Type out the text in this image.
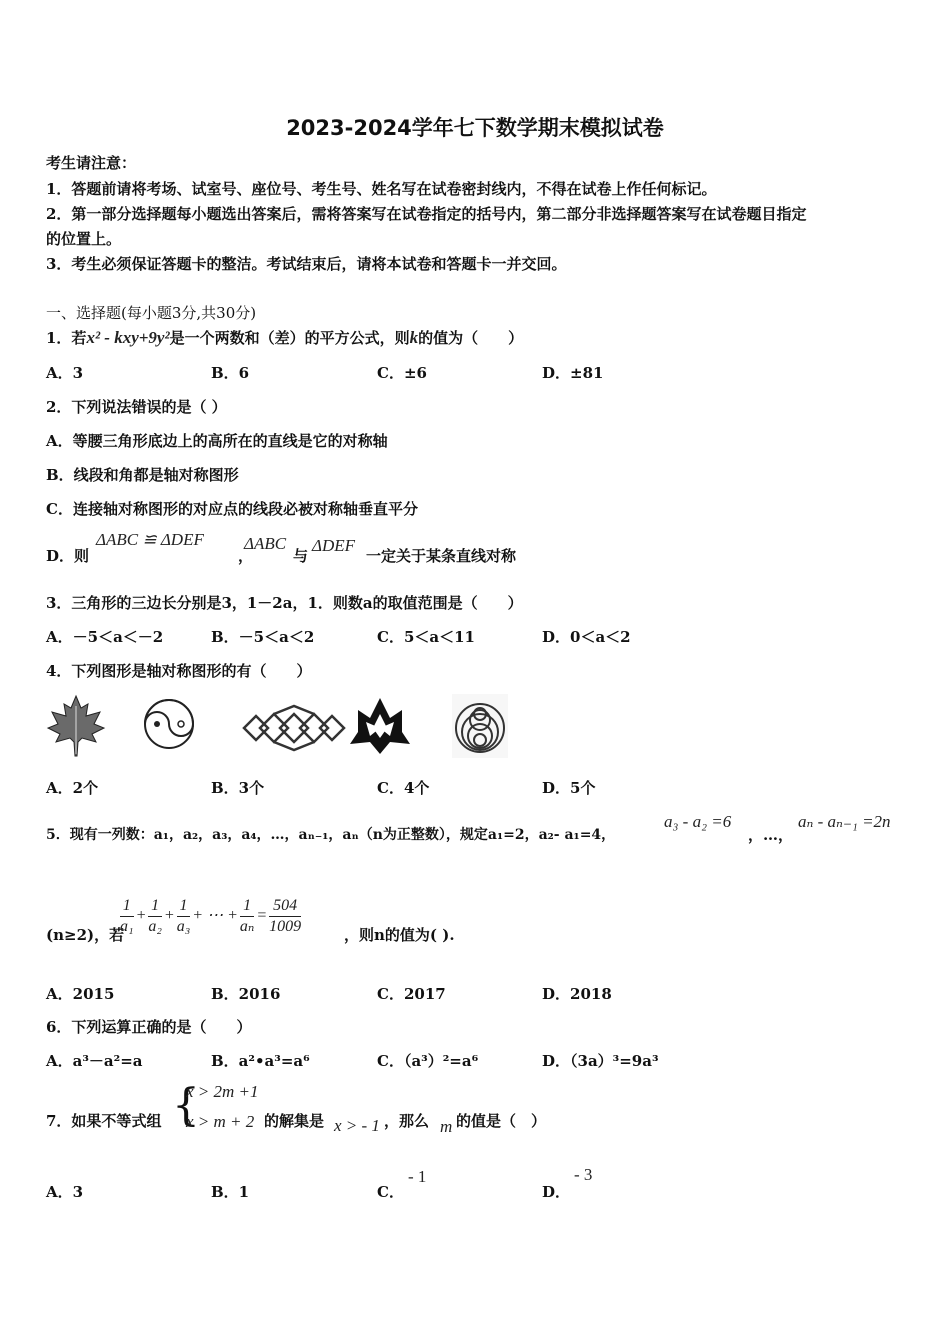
2023-2024学年七下数学期末模拟试卷
考生请注意：
1．答题前请将考场、试室号、座位号、考生号、姓名写在试卷密封线内，不得在试卷上作任何标记。
2．第一部分选择题每小题选出答案后，需将答案写在试卷指定的括号内，第二部分非选择题答案写在试卷题目指定
的位置上。
3．考生必须保证答题卡的整洁。考试结束后，请将本试卷和答题卡一并交回。
一、选择题(每小题3分,共30分)
1．若x² - kxy+9y²是一个两数和（差）的平方公式，则k的值为（　　）
A．3	B．6	C．±6	D．±81
2．下列说法错误的是（ ）
A．等腰三角形底边上的高所在的直线是它的对称轴
B．线段和角都是轴对称图形
C．连接轴对称图形的对应点的线段必被对称轴垂直平分
D．则
ΔABC ≌ ΔDEF
，
ΔABC
与
ΔDEF
一定关于某条直线对称
3．三角形的三边长分别是3，1－2a，1．则数a的取值范围是（　　）
A．－5＜a＜－2	B．－5＜a＜2	C．5＜a＜11	D．0＜a＜2
4．下列图形是轴对称图形的有（　　）
A．2个	B．3个	C．4个	D．5个
5．现有一列数：a₁，a₂，a₃，a₄，…，aₙ₋₁，aₙ（n为正整数），规定a₁=2，a₂- a₁=4，
a₃ - a₂ =6
，…，
aₙ - aₙ₋₁ =2n
(n≥2)，若
$\frac{1}{\text{a₁}} + \frac{1}{\text{a₂}} + \frac{1}{\text{a₃}}$ + ⋯ + $\frac{1}{\text{aₙ}} = \frac{504}{1009}$	，则n的值为( ).
A．2015	B．2016	C．2017	D．2018
6．下列运算正确的是（　　）
A．a³－a²=a	B．a²•a³=a⁶	C．（a³）²=a⁶	D．（3a）³=9a³
7．如果不等式组 {
x > 2m +1
x > m + 2 的解集是 x > - 1 ，那么 m 的值是（　）
A．3	B．1	C．
- 1
D．
- 3
